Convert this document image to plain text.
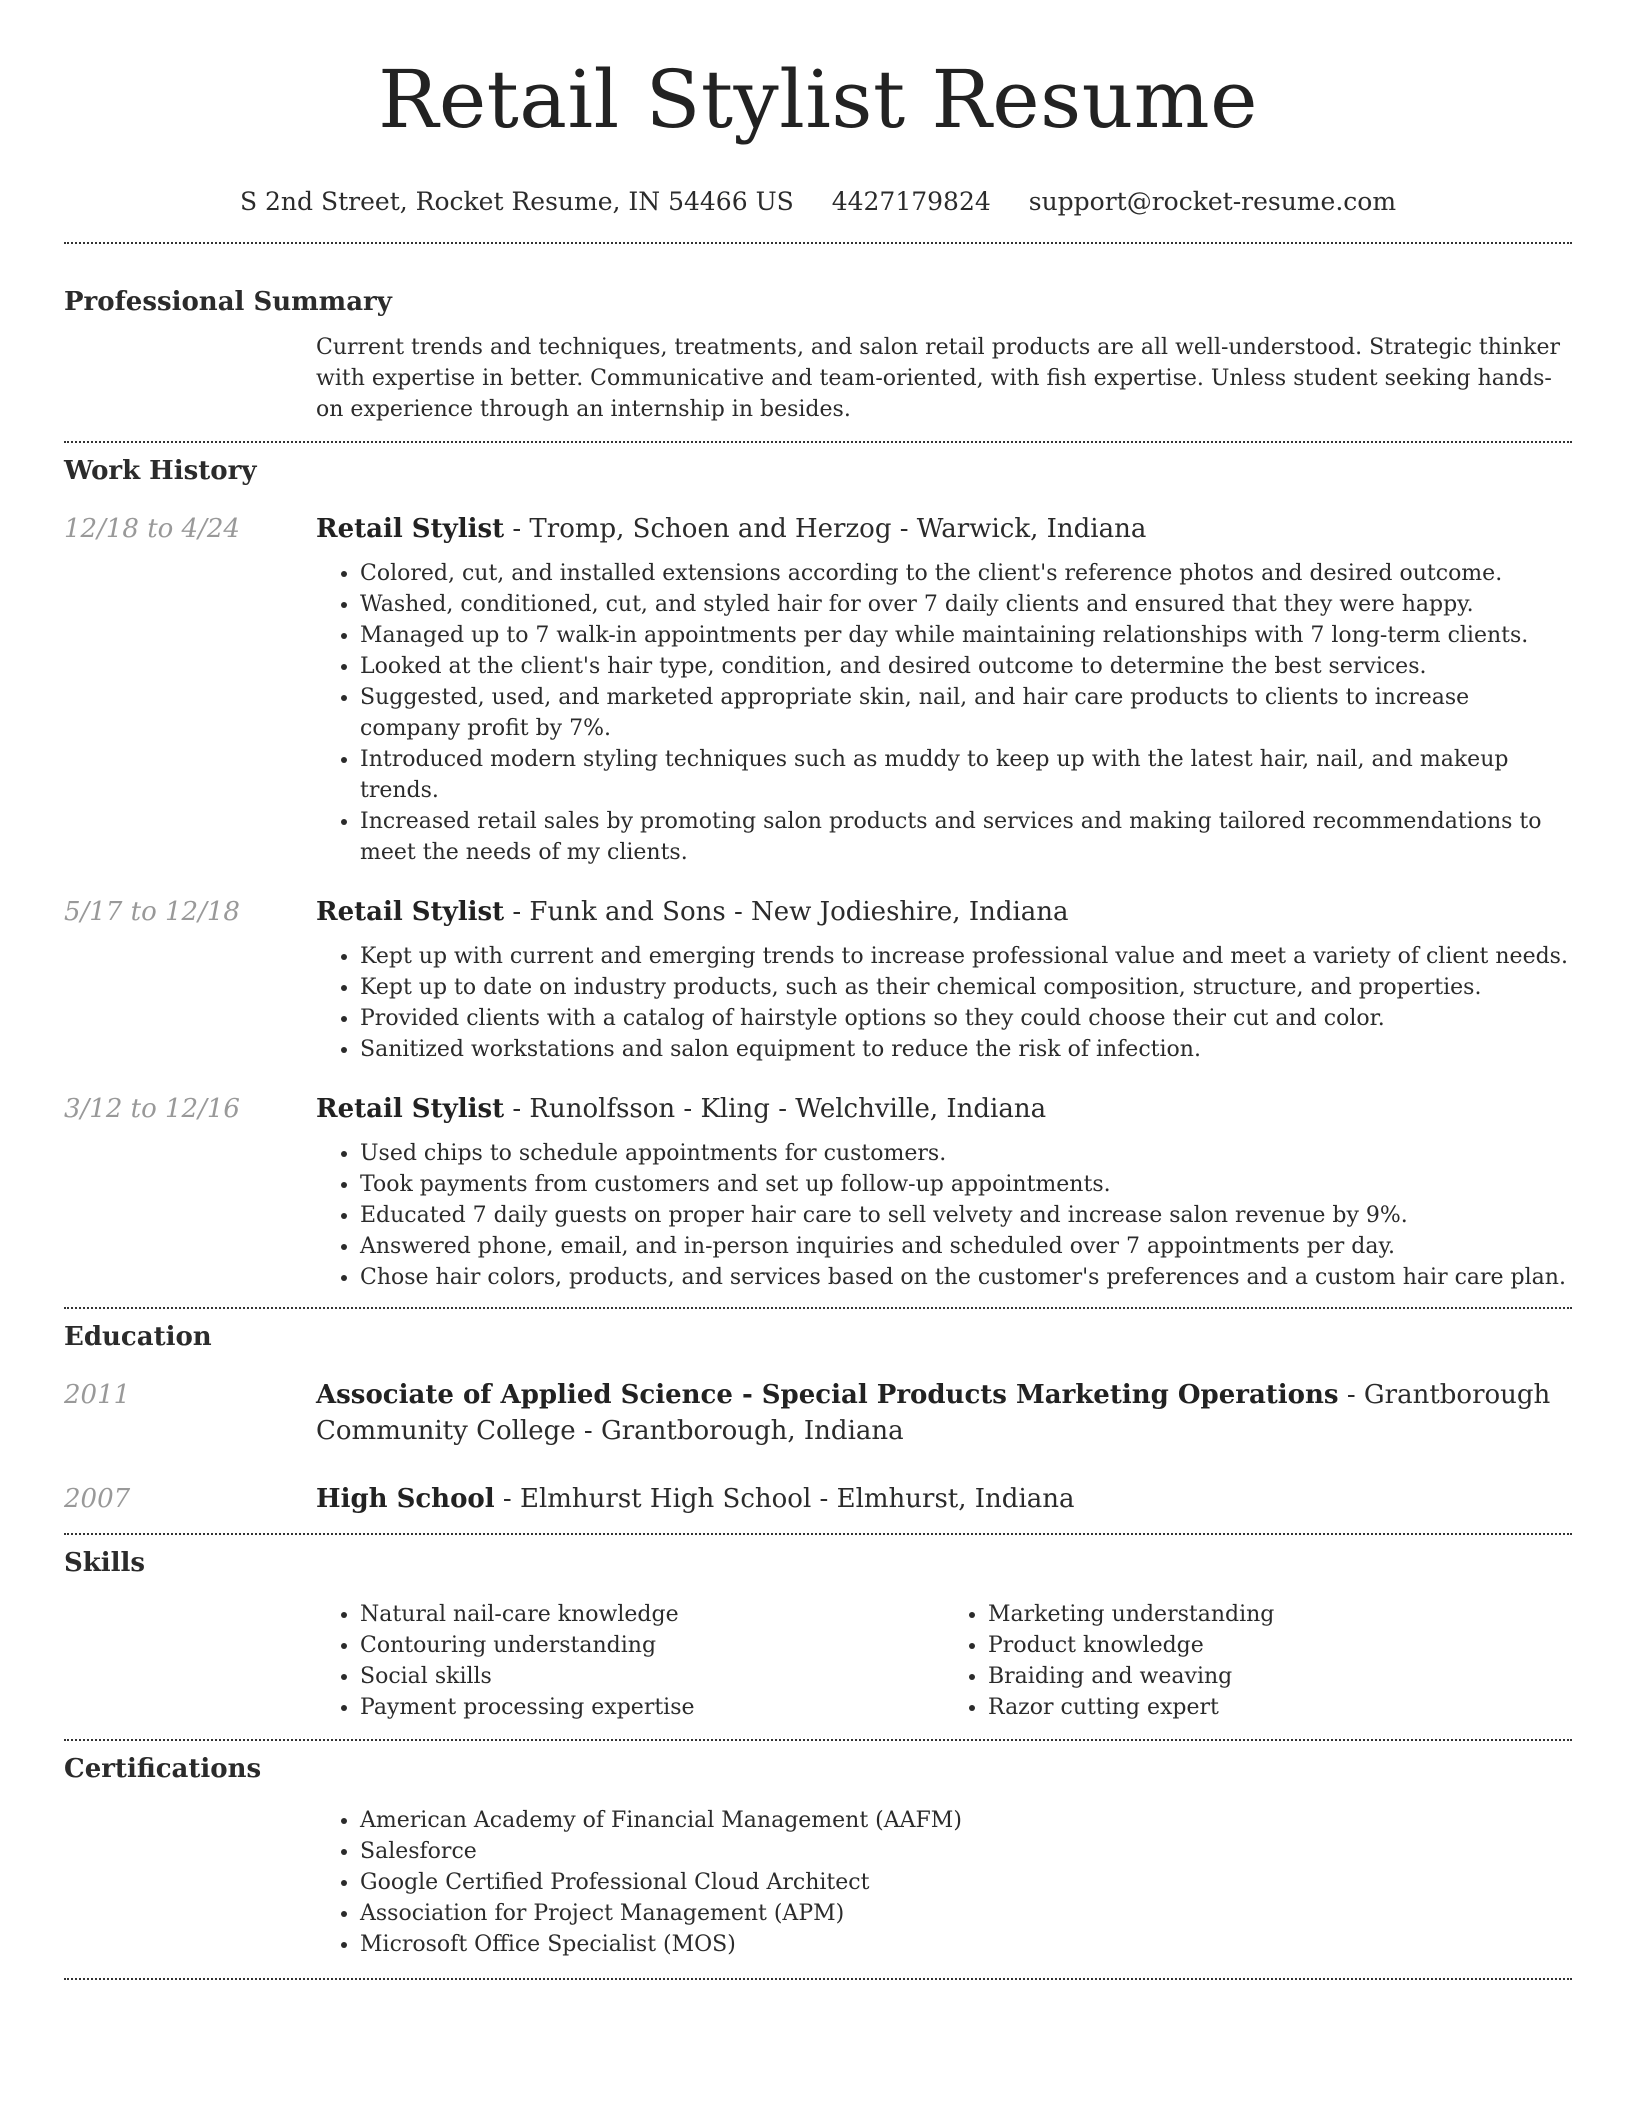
Retail Stylist Resume
S 2nd Street, Rocket Resume, IN 54466 US 4427179824 support@rocket-resume.com
Professional Summary
Current trends and techniques, treatments, and salon retail products are all well-understood. Strategic thinker with expertise in better. Communicative and team-oriented, with fish expertise. Unless student seeking hands-on experience through an internship in besides.
Work History
12/18 to 4/24	Retail Stylist - Tromp, Schoen and Herzog - Warwick, Indiana
• Colored, cut, and installed extensions according to the client's reference photos and desired outcome.
• Washed, conditioned, cut, and styled hair for over 7 daily clients and ensured that they were happy.
• Managed up to 7 walk-in appointments per day while maintaining relationships with 7 long-term clients.
• Looked at the client's hair type, condition, and desired outcome to determine the best services.
• Suggested, used, and marketed appropriate skin, nail, and hair care products to clients to increase company profit by 7%.
• Introduced modern styling techniques such as muddy to keep up with the latest hair, nail, and makeup trends.
• Increased retail sales by promoting salon products and services and making tailored recommendations to meet the needs of my clients.
5/17 to 12/18	Retail Stylist - Funk and Sons - New Jodieshire, Indiana
• Kept up with current and emerging trends to increase professional value and meet a variety of client needs.
• Kept up to date on industry products, such as their chemical composition, structure, and properties.
• Provided clients with a catalog of hairstyle options so they could choose their cut and color.
• Sanitized workstations and salon equipment to reduce the risk of infection.
3/12 to 12/16	Retail Stylist - Runolfsson - Kling - Welchville, Indiana
• Used chips to schedule appointments for customers.
• Took payments from customers and set up follow-up appointments.
• Educated 7 daily guests on proper hair care to sell velvety and increase salon revenue by 9%.
• Answered phone, email, and in-person inquiries and scheduled over 7 appointments per day.
• Chose hair colors, products, and services based on the customer's preferences and a custom hair care plan.
Education
2011	Associate of Applied Science - Special Products Marketing Operations - Grantborough Community College - Grantborough, Indiana
2007	High School - Elmhurst High School - Elmhurst, Indiana
Skills
• Natural nail-care knowledge
• Contouring understanding
• Social skills
• Payment processing expertise
• Marketing understanding
• Product knowledge
• Braiding and weaving
• Razor cutting expert
Certifications
• American Academy of Financial Management (AAFM)
• Salesforce
• Google Certified Professional Cloud Architect
• Association for Project Management (APM)
• Microsoft Office Specialist (MOS)
